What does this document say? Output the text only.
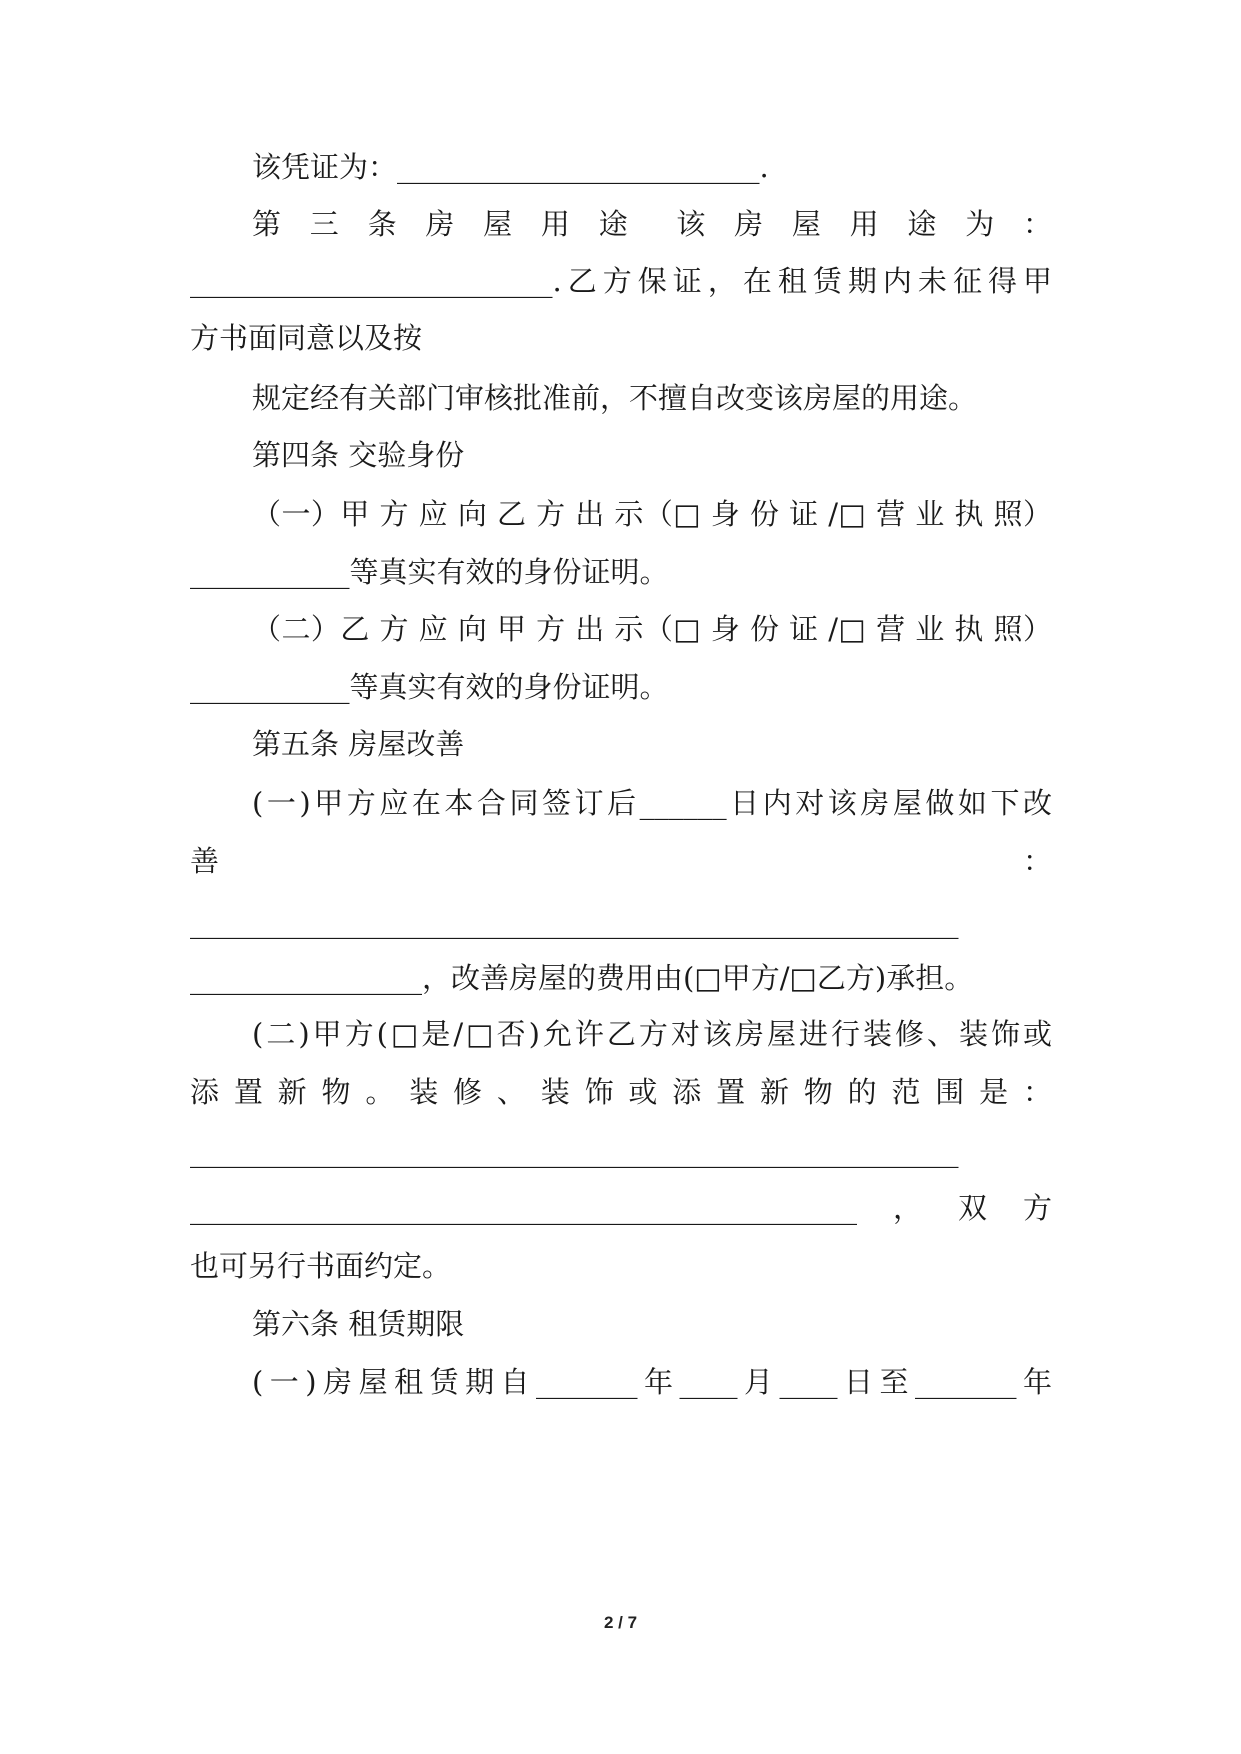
该凭证为：_________________________.
第 三 条 房 屋 用 途　该 房 屋 用 途 为 ：
_________________________.乙方保证，在租赁期内未征得甲
方书面同意以及按
规定经有关部门审核批准前，不擅自改变该房屋的用途。
第四条 交验身份
（一）甲 方 应 向 乙 方 出 示（□ 身 份 证 /□ 营 业 执 照）
___________等真实有效的身份证明。
（二）乙 方 应 向 甲 方 出 示（□ 身 份 证 /□ 营 业 执 照）
___________等真实有效的身份证明。
第五条 房屋改善
(一)甲方应在本合同签订后______日内对该房屋做如下改
善 ：
_____________________________________________________
________________，改善房屋的费用由(□甲方/□乙方)承担。
(二)甲方(□是/□否)允许乙方对该房屋进行装修、装饰或
添 置 新 物 。 装 修 、 装 饰 或 添 置 新 物 的 范 围 是 ：
_____________________________________________________
______________________________________________，双方
也可另行书面约定。
第六条 租赁期限
(一)房屋租赁期自_______年____月____日至_______年
2 / 7
